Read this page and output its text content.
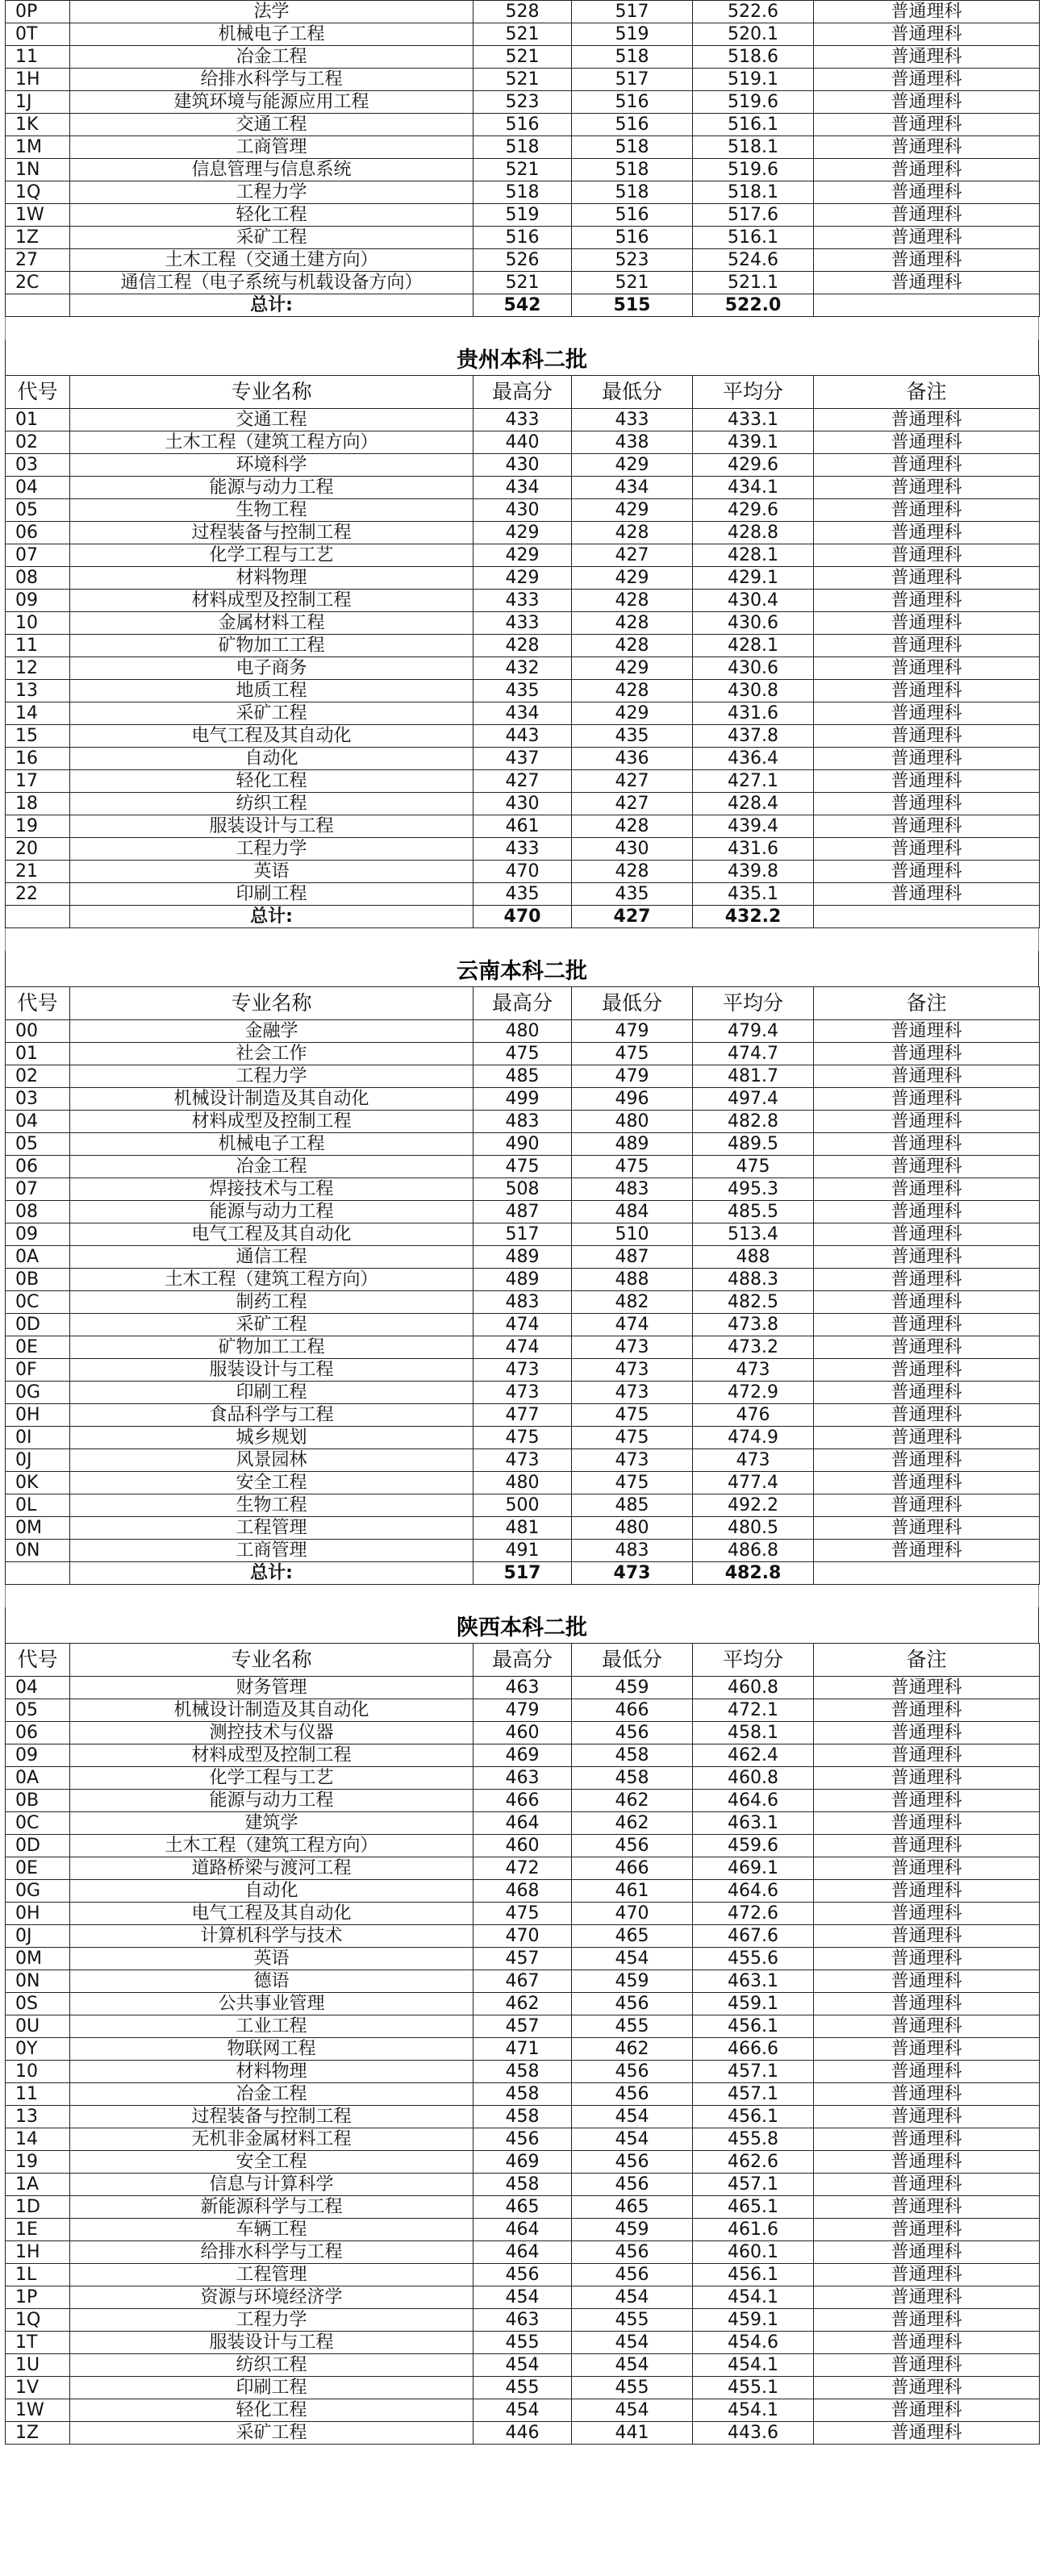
0P	法学	528	517	522.6	普通理科
0T	机械电子工程	521	519	520.1	普通理科
11	冶金工程	521	518	518.6	普通理科
1H	给排水科学与工程	521	517	519.1	普通理科
1J	建筑环境与能源应用工程	523	516	519.6	普通理科
1K	交通工程	516	516	516.1	普通理科
1M	工商管理	518	518	518.1	普通理科
1N	信息管理与信息系统	521	518	519.6	普通理科
1Q	工程力学	518	518	518.1	普通理科
1W	轻化工程	519	516	517.6	普通理科
1Z	采矿工程	516	516	516.1	普通理科
27	土木工程（交通土建方向）	526	523	524.6	普通理科
2C	通信工程（电子系统与机载设备方向）	521	521	521.1	普通理科
	总计:	542	515	522.0	
贵州本科二批
代号	专业名称	最高分	最低分	平均分	备注
01	交通工程	433	433	433.1	普通理科
02	土木工程（建筑工程方向）	440	438	439.1	普通理科
03	环境科学	430	429	429.6	普通理科
04	能源与动力工程	434	434	434.1	普通理科
05	生物工程	430	429	429.6	普通理科
06	过程装备与控制工程	429	428	428.8	普通理科
07	化学工程与工艺	429	427	428.1	普通理科
08	材料物理	429	429	429.1	普通理科
09	材料成型及控制工程	433	428	430.4	普通理科
10	金属材料工程	433	428	430.6	普通理科
11	矿物加工工程	428	428	428.1	普通理科
12	电子商务	432	429	430.6	普通理科
13	地质工程	435	428	430.8	普通理科
14	采矿工程	434	429	431.6	普通理科
15	电气工程及其自动化	443	435	437.8	普通理科
16	自动化	437	436	436.4	普通理科
17	轻化工程	427	427	427.1	普通理科
18	纺织工程	430	427	428.4	普通理科
19	服装设计与工程	461	428	439.4	普通理科
20	工程力学	433	430	431.6	普通理科
21	英语	470	428	439.8	普通理科
22	印刷工程	435	435	435.1	普通理科
	总计:	470	427	432.2	
云南本科二批
代号	专业名称	最高分	最低分	平均分	备注
00	金融学	480	479	479.4	普通理科
01	社会工作	475	475	474.7	普通理科
02	工程力学	485	479	481.7	普通理科
03	机械设计制造及其自动化	499	496	497.4	普通理科
04	材料成型及控制工程	483	480	482.8	普通理科
05	机械电子工程	490	489	489.5	普通理科
06	冶金工程	475	475	475	普通理科
07	焊接技术与工程	508	483	495.3	普通理科
08	能源与动力工程	487	484	485.5	普通理科
09	电气工程及其自动化	517	510	513.4	普通理科
0A	通信工程	489	487	488	普通理科
0B	土木工程（建筑工程方向）	489	488	488.3	普通理科
0C	制药工程	483	482	482.5	普通理科
0D	采矿工程	474	474	473.8	普通理科
0E	矿物加工工程	474	473	473.2	普通理科
0F	服装设计与工程	473	473	473	普通理科
0G	印刷工程	473	473	472.9	普通理科
0H	食品科学与工程	477	475	476	普通理科
0I	城乡规划	475	475	474.9	普通理科
0J	风景园林	473	473	473	普通理科
0K	安全工程	480	475	477.4	普通理科
0L	生物工程	500	485	492.2	普通理科
0M	工程管理	481	480	480.5	普通理科
0N	工商管理	491	483	486.8	普通理科
	总计:	517	473	482.8	
陕西本科二批
代号	专业名称	最高分	最低分	平均分	备注
04	财务管理	463	459	460.8	普通理科
05	机械设计制造及其自动化	479	466	472.1	普通理科
06	测控技术与仪器	460	456	458.1	普通理科
09	材料成型及控制工程	469	458	462.4	普通理科
0A	化学工程与工艺	463	458	460.8	普通理科
0B	能源与动力工程	466	462	464.6	普通理科
0C	建筑学	464	462	463.1	普通理科
0D	土木工程（建筑工程方向）	460	456	459.6	普通理科
0E	道路桥梁与渡河工程	472	466	469.1	普通理科
0G	自动化	468	461	464.6	普通理科
0H	电气工程及其自动化	475	470	472.6	普通理科
0J	计算机科学与技术	470	465	467.6	普通理科
0M	英语	457	454	455.6	普通理科
0N	德语	467	459	463.1	普通理科
0S	公共事业管理	462	456	459.1	普通理科
0U	工业工程	457	455	456.1	普通理科
0Y	物联网工程	471	462	466.6	普通理科
10	材料物理	458	456	457.1	普通理科
11	冶金工程	458	456	457.1	普通理科
13	过程装备与控制工程	458	454	456.1	普通理科
14	无机非金属材料工程	456	454	455.8	普通理科
19	安全工程	469	456	462.6	普通理科
1A	信息与计算科学	458	456	457.1	普通理科
1D	新能源科学与工程	465	465	465.1	普通理科
1E	车辆工程	464	459	461.6	普通理科
1H	给排水科学与工程	464	456	460.1	普通理科
1L	工程管理	456	456	456.1	普通理科
1P	资源与环境经济学	454	454	454.1	普通理科
1Q	工程力学	463	455	459.1	普通理科
1T	服装设计与工程	455	454	454.6	普通理科
1U	纺织工程	454	454	454.1	普通理科
1V	印刷工程	455	455	455.1	普通理科
1W	轻化工程	454	454	454.1	普通理科
1Z	采矿工程	446	441	443.6	普通理科
